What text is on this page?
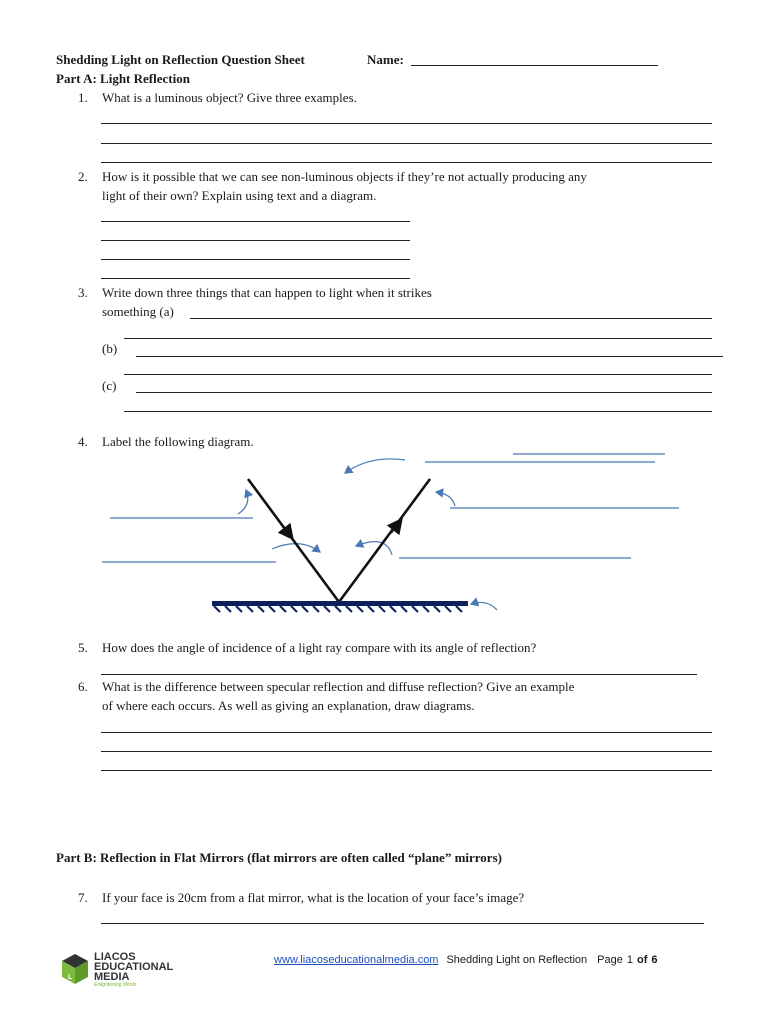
Shedding Light on Reflection Question Sheet	Name:
Part A: Light Reflection
1. What is a luminous object? Give three examples.
2. How is it possible that we can see non-luminous objects if they’re not actually producing any
light of their own? Explain using text and a diagram.
3. Write down three things that can happen to light when it strikes
something (a)
(b)
(c)
4. Label the following diagram.
5. How does the angle of incidence of a light ray compare with its angle of reflection?
6. What is the difference between specular reflection and diffuse reflection? Give an example
of where each occurs. As well as giving an explanation, draw diagrams.
Part B: Reflection in Flat Mirrors (flat mirrors are often called “plane” mirrors)
7. If your face is 20cm from a flat mirror, what is the location of your face’s image?
L
LIACOS
EDUCATIONAL
MEDIA
Enlightening Minds
www.liacoseducationalmedia.com Shedding Light on Reflection Page 1 of 6
